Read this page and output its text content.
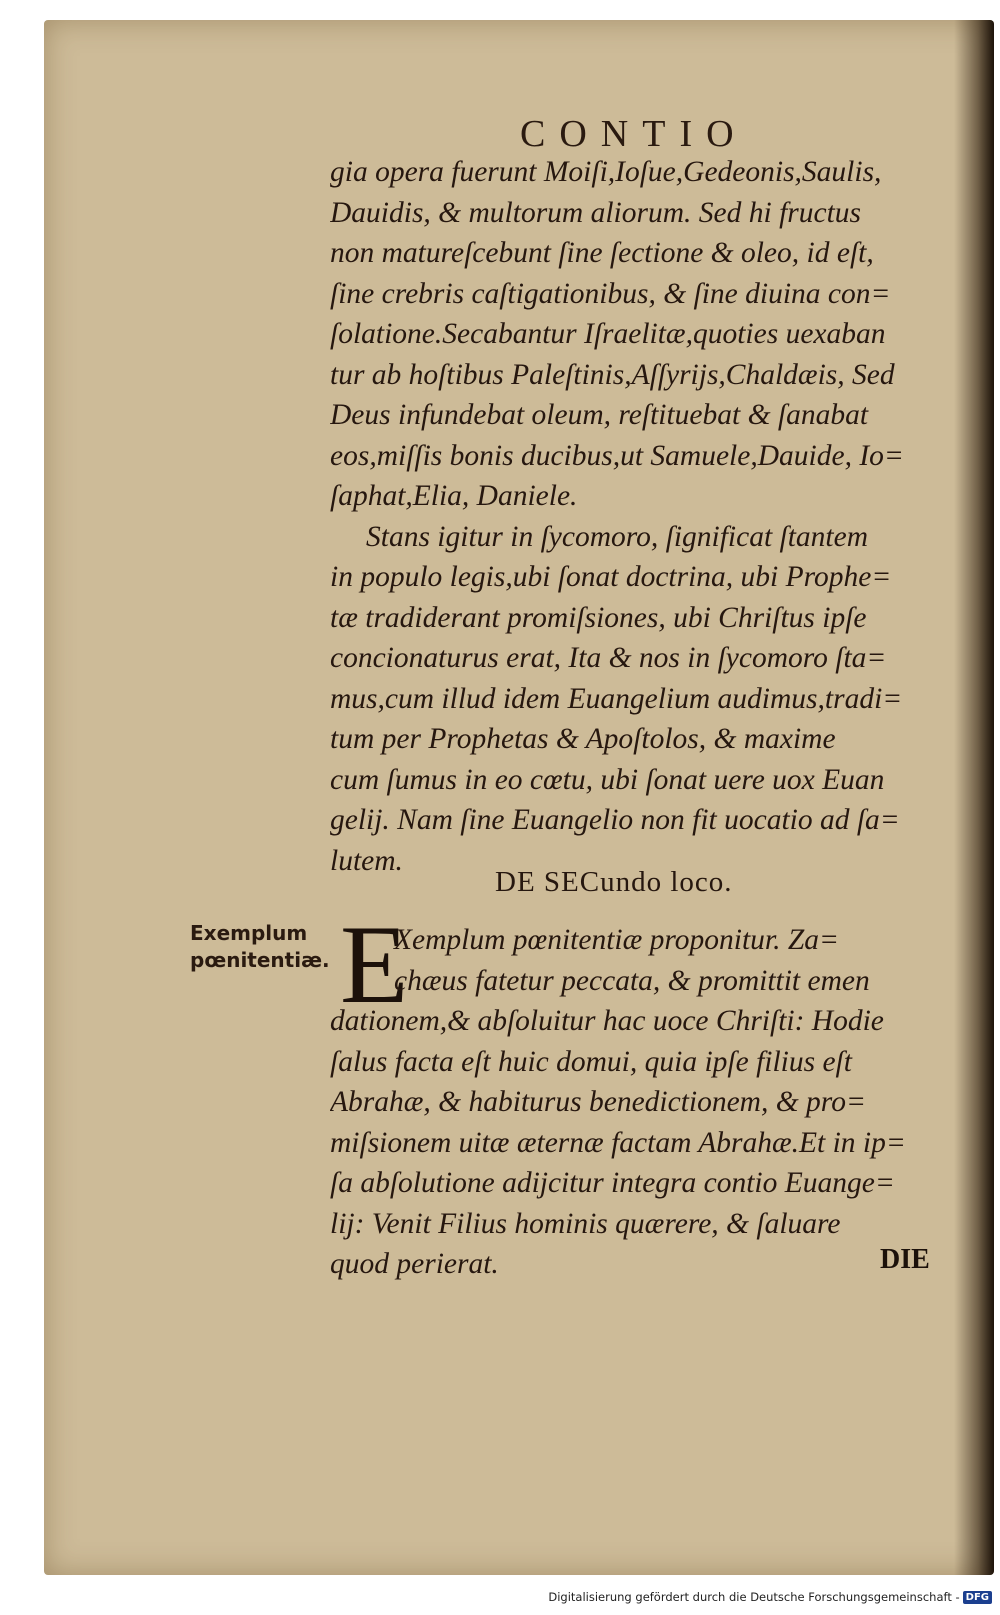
CONTIO
gia opera fuerunt Moiſi,Ioſue,Gedeonis,Saulis,
Dauidis, & multorum aliorum. Sed hi fructus
non matureſcebunt ſine ſectione & oleo, id eſt,
ſine crebris caſtigationibus, & ſine diuina con=
ſolatione.Secabantur Iſraelitæ,quoties uexaban
tur ab hoſtibus Paleſtinis,Aſſyrijs,Chaldæis, Sed
Deus infundebat oleum, reſtituebat & ſanabat
eos,miſſis bonis ducibus,ut Samuele,Dauide, Io=
ſaphat,Elia, Daniele.
Stans igitur in ſycomoro, ſignificat ſtantem
in populo legis,ubi ſonat doctrina, ubi Prophe=
tæ tradiderant promiſsiones, ubi Chriſtus ipſe
concionaturus erat, Ita & nos in ſycomoro ſta=
mus,cum illud idem Euangelium audimus,tradi=
tum per Prophetas & Apoſtolos, & maxime
cum ſumus in eo cœtu, ubi ſonat uere uox Euan
gelij. Nam ſine Euangelio non fit uocatio ad ſa=
lutem.
DE SECundo loco.
Exemplum
pœnitentiæ. E
Xemplum pœnitentiæ proponitur. Za=
chæus fatetur peccata, & promittit emen
dationem,& abſoluitur hac uoce Chriſti: Hodie
ſalus facta eſt huic domui, quia ipſe filius eſt
Abrahæ, & habiturus benedictionem, & pro=
miſsionem uitæ æternæ factam Abrahæ.Et in ip=
ſa abſolutione adijcitur integra contio Euange=
lij: Venit Filius hominis quærere, & ſaluare
quod perierat.	DIE
Digitalisierung gefördert durch die Deutsche Forschungsgemeinschaft - DFG
